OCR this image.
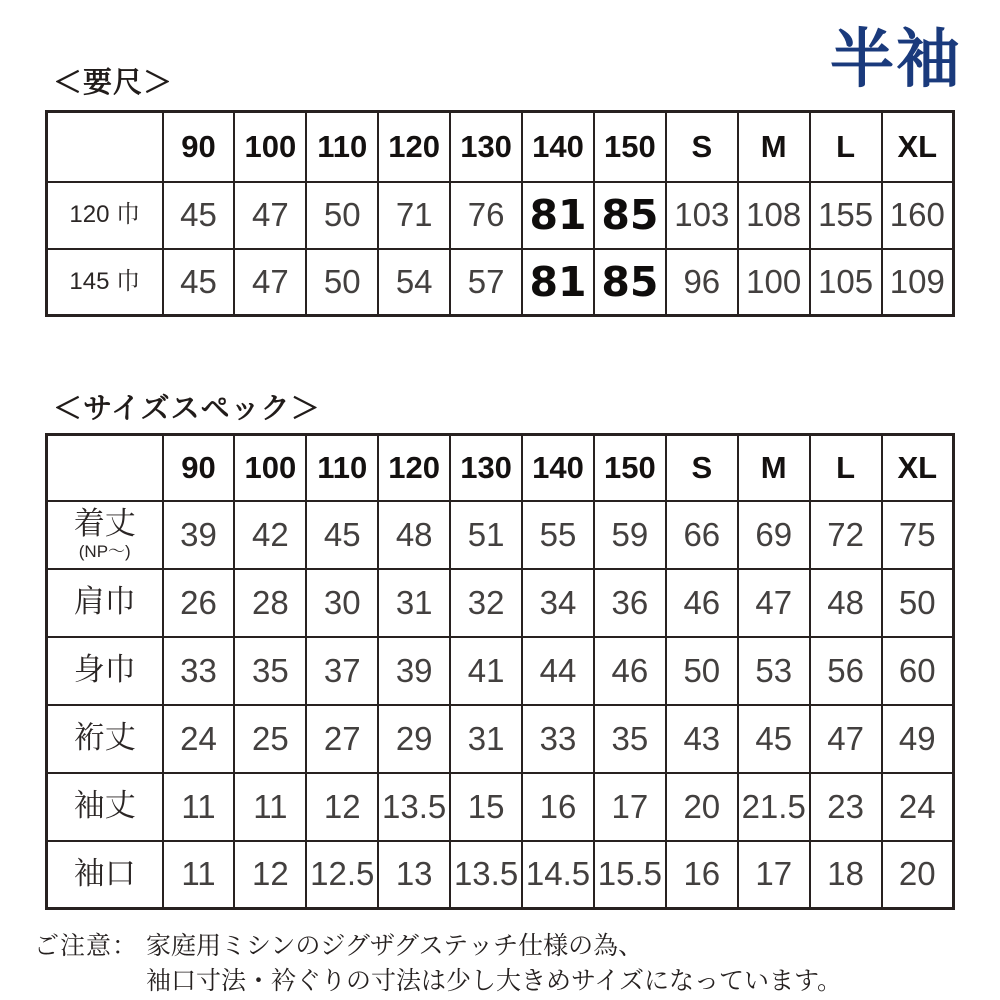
半袖
＜要尺＞
	90	100	110	120	130	140	150	S	M	L	XL
120 巾	45	47	50	71	76	81	85	103	108	155	160
145 巾	45	47	50	54	57	81	85	96	100	105	109
＜サイズスペック＞
	90	100	110	120	130	140	150	S	M	L	XL
着丈
(NP～)	39	42	45	48	51	55	59	66	69	72	75
肩巾	26	28	30	31	32	34	36	46	47	48	50
身巾	33	35	37	39	41	44	46	50	53	56	60
裄丈	24	25	27	29	31	33	35	43	45	47	49
袖丈	11	11	12	13.5	15	16	17	20	21.5	23	24
袖口	11	12	12.5	13	13.5	14.5	15.5	16	17	18	20
ご注意： 家庭用ミシンのジグザグステッチ仕様の為、
袖口寸法・衿ぐりの寸法は少し大きめサイズになっています。
